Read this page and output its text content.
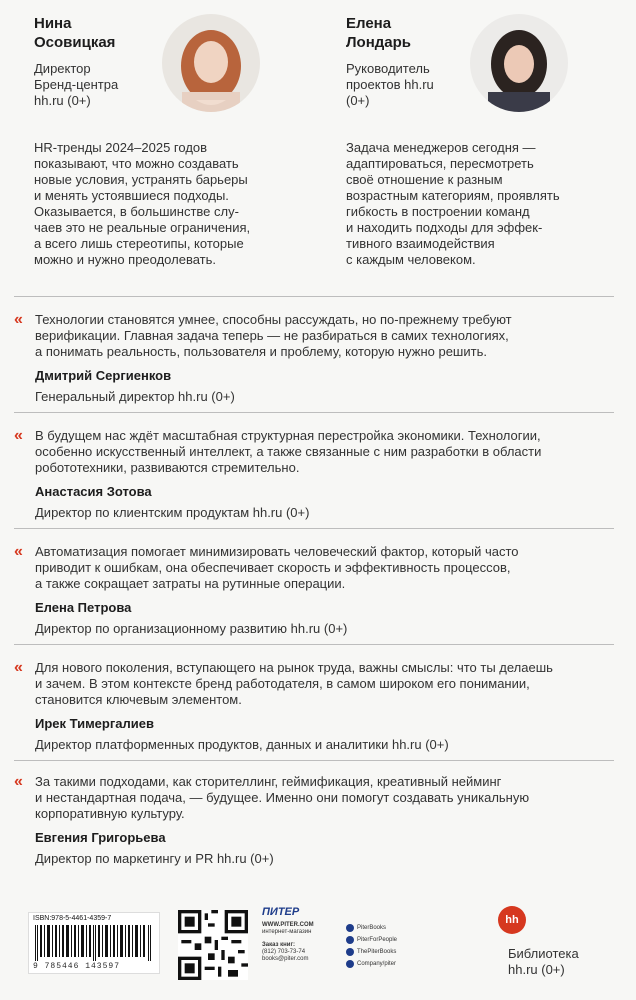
Нина
Осовицкая
Директор
Бренд-центра
hh.ru (0+)
Елена
Лондарь
Руководитель
проектов hh.ru
(0+)
HR-тренды 2024–2025 годов
показывают, что можно создавать
новые условия, устранять барьеры
и менять устоявшиеся подходы.
Оказывается, в большинстве слу-
чаев это не реальные ограничения,
а всего лишь стереотипы, которые
можно и нужно преодолевать.
Задача менеджеров сегодня —
адаптироваться, пересмотреть
своё отношение к разным
возрастным категориям, проявлять
гибкость в построении команд
и находить подходы для эффек-
тивного взаимодействия
с каждым человеком.
« Технологии становятся умнее, способны рассуждать, но по-прежнему требуют
верификации. Главная задача теперь — не разбираться в самих технологиях,
а понимать реальность, пользователя и проблему, которую нужно решить.
Дмитрий Сергиенков
Генеральный директор hh.ru (0+)
« В будущем нас ждёт масштабная структурная перестройка экономики. Технологии,
особенно искусственный интеллект, а также связанные с ним разработки в области
робототехники, развиваются стремительно.
Анастасия Зотова
Директор по клиентским продуктам hh.ru (0+)
« Автоматизация помогает минимизировать человеческий фактор, который часто
приводит к ошибкам, она обеспечивает скорость и эффективность процессов,
а также сокращает затраты на рутинные операции.
Елена Петрова
Директор по организационному развитию hh.ru (0+)
« Для нового поколения, вступающего на рынок труда, важны смыслы: что ты делаешь
и зачем. В этом контексте бренд работодателя, в самом широком его понимании,
становится ключевым элементом.
Ирек Тимергалиев
Директор платформенных продуктов, данных и аналитики hh.ru (0+)
« За такими подходами, как сторителлинг, геймификация, креативный нейминг
и нестандартная подача, — будущее. Именно они помогут создавать уникальную
корпоративную культуру.
Евгения Григорьева
Директор по маркетингу и PR hh.ru (0+)
ISBN:978-5-4461-4359-7
9 785446 143597
ПИТЕР
WWW.PITER.COM
интернет-магазин
Заказ книг:
(812) 703-73-74
books@piter.com
PiterBooks
PiterForPeople
ThePiterBooks
Company/piter
hh
Библиотека
hh.ru (0+)
